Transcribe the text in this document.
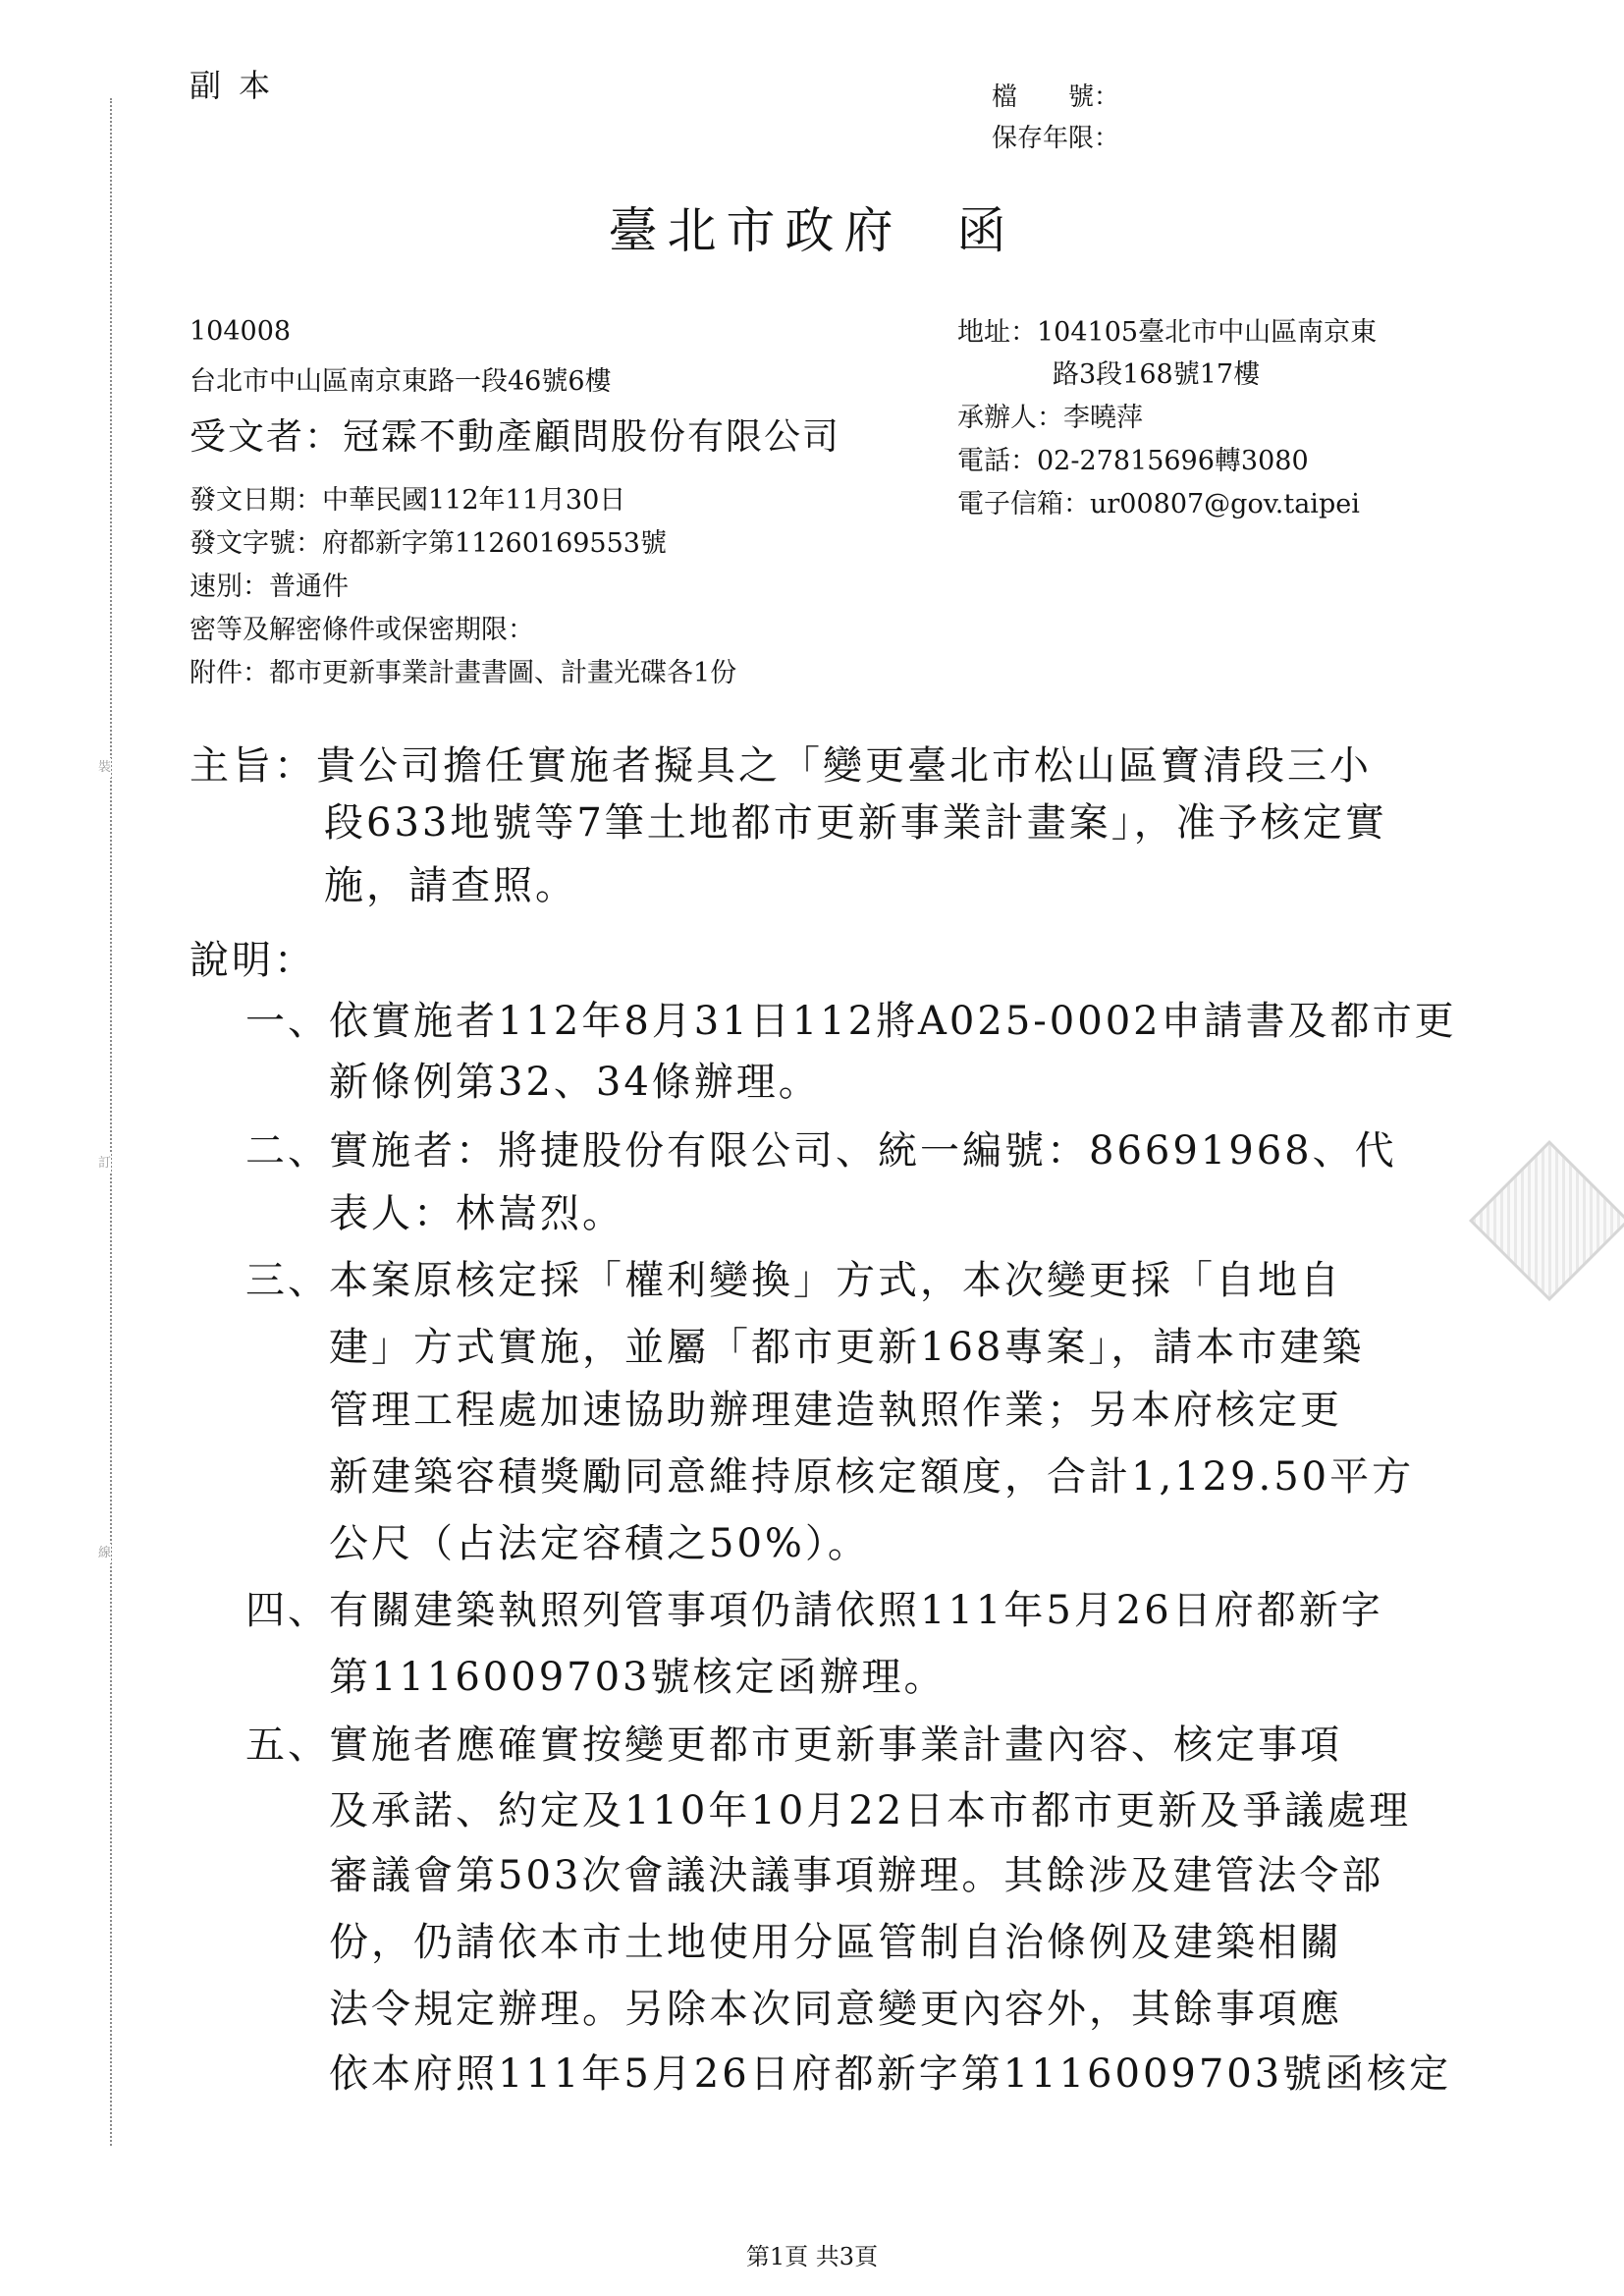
裝
訂
線
副 本	檔　　號：
保存年限：
臺北市政府 函
104008
台北市中山區南京東路一段46號6樓
受文者：冠霖不動產顧問股份有限公司
地址：104105臺北市中山區南京東
路3段168號17樓
承辦人：李曉萍
電話：02-27815696轉3080
電子信箱：ur00807@gov.taipei
發文日期：中華民國112年11月30日
發文字號：府都新字第11260169553號
速別：普通件
密等及解密條件或保密期限：
附件：都市更新事業計畫書圖、計畫光碟各1份
主旨：貴公司擔任實施者擬具之「變更臺北市松山區寶清段三小
段633地號等7筆土地都市更新事業計畫案」，准予核定實
施，請查照。
說明：
一、 依實施者112年8月31日112將A025-0002申請書及都市更
新條例第32、34條辦理。
二、 實施者：將捷股份有限公司、統一編號：86691968、代
表人：林嵩烈。
三、 本案原核定採「權利變換」方式，本次變更採「自地自
建」方式實施，並屬「都市更新168專案」，請本市建築
管理工程處加速協助辦理建造執照作業；另本府核定更
新建築容積獎勵同意維持原核定額度，合計1,129.50平方
公尺（占法定容積之50%）。
四、 有關建築執照列管事項仍請依照111年5月26日府都新字
第1116009703號核定函辦理。
五、 實施者應確實按變更都市更新事業計畫內容、核定事項
及承諾、約定及110年10月22日本市都市更新及爭議處理
審議會第503次會議決議事項辦理。其餘涉及建管法令部
份，仍請依本市土地使用分區管制自治條例及建築相關
法令規定辦理。另除本次同意變更內容外，其餘事項應
依本府照111年5月26日府都新字第1116009703號函核定
第1頁 共3頁
